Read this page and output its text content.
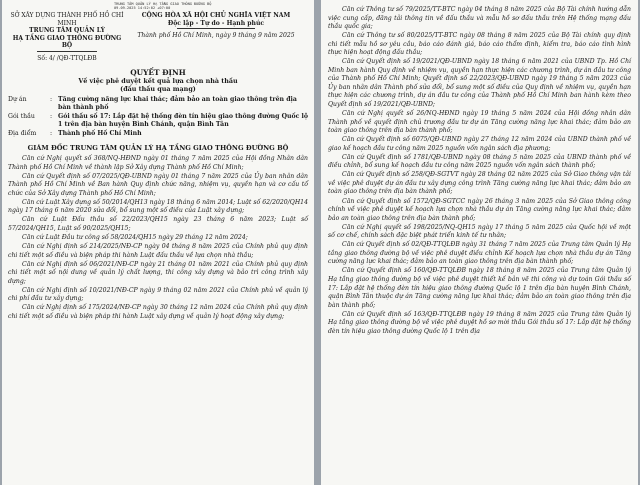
TRUNG TÂM QUẢN LÝ HẠ TẦNG GIAO THÔNG ĐƯỜNG BỘ
09.09.2025 14:52:02 +07:00
SỞ XÂY DỰNG THÀNH PHỐ HỒ CHÍ MINH
TRUNG TÂM QUẢN LÝ
HẠ TẦNG GIAO THÔNG ĐƯỜNG BỘ
Số: 4/ /QĐ-TTQLĐB
CỘNG HÒA XÃ HỘI CHỦ NGHĨA VIỆT NAM
Độc lập - Tự do - Hạnh phúc
Thành phố Hồ Chí Minh, ngày 9 tháng 9 năm 2025
QUYẾT ĐỊNH
Về việc phê duyệt kết quả lựa chọn nhà thầu
(đấu thầu qua mạng)
Dự án	: Tăng cường năng lực khai thác; đảm bảo an toàn giao thông trên địa bàn thành phố
Gói thầu	: Gói thầu số 17: Lắp đặt hệ thống đèn tín hiệu giao thông đường Quốc lộ 1 trên địa bàn huyện Bình Chánh, quận Bình Tân
Địa điểm	: Thành phố Hồ Chí Minh
GIÁM ĐỐC TRUNG TÂM QUẢN LÝ HẠ TẦNG GIAO THÔNG ĐƯỜNG BỘ

Căn cứ Nghị quyết số 368/NQ-HĐND ngày 01 tháng 7 năm 2025 của Hội đồng Nhân dân Thành phố Hồ Chí Minh về thành lập Sở Xây dựng Thành phố Hồ Chí Minh;

Căn cứ Quyết định số 07/2025/QĐ-UBND ngày 01 tháng 7 năm 2025 của Ủy ban nhân dân Thành phố Hồ Chí Minh về Ban hành Quy định chức năng, nhiệm vụ, quyền hạn và cơ cấu tổ chức của Sở Xây dựng Thành phố Hồ Chí Minh;

Căn cứ Luật Xây dựng số 50/2014/QH13 ngày 18 tháng 6 năm 2014; Luật số 62/2020/QH14 ngày 17 tháng 6 năm 2020 sửa đổi, bổ sung một số điều của Luật xây dựng;

Căn cứ Luật Đấu thầu số 22/2023/QH15 ngày 23 tháng 6 năm 2023; Luật số 57/2024/QH15, Luật số 90/2025/QH15;

Căn cứ Luật Đầu tư công số 58/2024/QH15 ngày 29 tháng 12 năm 2024;

Căn cứ Nghị định số 214/2025/NĐ-CP ngày 04 tháng 8 năm 2025 của Chính phủ quy định chi tiết một số điều và biện pháp thi hành Luật đấu thầu về lựa chọn nhà thầu;

Căn cứ Nghị định số 06/2021/NĐ-CP ngày 21 tháng 01 năm 2021 của Chính phủ quy định chi tiết một số nội dung về quản lý chất lượng, thi công xây dựng và bảo trì công trình xây dựng;

Căn cứ Nghị định số 10/2021/NĐ-CP ngày 9 tháng 02 năm 2021 của Chính phủ về quản lý chi phí đầu tư xây dựng;

Căn cứ Nghị định số 175/2024/NĐ-CP ngày 30 tháng 12 năm 2024 của Chính phủ quy định chi tiết một số điều và biện pháp thi hành Luật xây dựng về quản lý hoạt động xây dựng;

Căn cứ Thông tư số 79/2025/TT-BTC ngày 04 tháng 8 năm 2025 của Bộ Tài chính hướng dẫn việc cung cấp, đăng tải thông tin về đấu thầu và mẫu hồ sơ đấu thầu trên Hệ thống mạng đấu thầu quốc gia;

Căn cứ Thông tư số 80/2025/TT-BTC ngày 08 tháng 8 năm 2025 của Bộ Tài chính quy định chi tiết mẫu hồ sơ yêu cầu, báo cáo đánh giá, báo cáo thẩm định, kiểm tra, báo cáo tình hình thực hiện hoạt động đấu thầu;

Căn cứ Quyết định số 19/2021/QĐ-UBND ngày 18 tháng 6 năm 2021 của UBND Tp. Hồ Chí Minh ban hành Quy định về nhiệm vụ, quyền hạn thực hiện các chương trình, dự án đầu tư công của Thành phố Hồ Chí Minh; Quyết định số 22/2023/QĐ-UBND ngày 19 tháng 5 năm 2023 của Ủy ban nhân dân Thành phố sửa đổi, bổ sung một số điều của Quy định về nhiệm vụ, quyền hạn thực hiện các chương trình, dự án đầu tư công của Thành phố Hồ Chí Minh ban hành kèm theo Quyết định số 19/2021/QĐ-UBND;

Căn cứ Nghị quyết số 26/NQ-HĐND ngày 19 tháng 5 năm 2024 của Hội đồng nhân dân Thành phố về quyết định chủ trương đầu tư dự án Tăng cường năng lực khai thác; đảm bảo an toàn giao thông trên địa bàn thành phố;

Căn cứ Quyết định số 6075/QĐ-UBND ngày 27 tháng 12 năm 2024 của UBND thành phố về giao kế hoạch đầu tư công năm 2025 nguồn vốn ngân sách địa phương;

Căn cứ Quyết định số 1781/QĐ-UBND ngày 08 tháng 5 năm 2025 của UBND thành phố về điều chỉnh, bổ sung kế hoạch đầu tư công năm 2025 nguồn vốn ngân sách thành phố;

Căn cứ Quyết định số 258/QĐ-SGTVT ngày 28 tháng 02 năm 2025 của Sở Giao thông vận tải về việc phê duyệt dự án đầu tư xây dựng công trình Tăng cường năng lực khai thác; đảm bảo an toàn giao thông trên địa bàn thành phố;

Căn cứ Quyết định số 1572/QĐ-SGTCC ngày 26 tháng 3 năm 2025 của Sở Giao thông công chính về việc phê duyệt kế hoạch lựa chọn nhà thầu dự án Tăng cường năng lực khai thác; đảm bảo an toàn giao thông trên địa bàn thành phố;

Căn cứ Nghị quyết số 198/2025/NQ-QH15 ngày 17 tháng 5 năm 2025 của Quốc hội về một số cơ chế, chính sách đặc biệt phát triển kinh tế tư nhân;

Căn cứ Quyết định số 02/QĐ-TTQLĐB ngày 31 tháng 7 năm 2025 của Trung tâm Quản lý Hạ tầng giao thông đường bộ về việc phê duyệt điều chỉnh Kế hoạch lựa chọn nhà thầu dự án Tăng cường năng lực khai thác; đảm bảo an toàn giao thông trên địa bàn thành phố;

Căn cứ Quyết định số 160/QĐ-TTQLĐB ngày 18 tháng 8 năm 2025 của Trung tâm Quản lý Hạ tầng giao thông đường bộ về việc phê duyệt thiết kế bản vẽ thi công và dự toán Gói thầu số 17: Lắp đặt hệ thống đèn tín hiệu giao thông đường Quốc lộ 1 trên địa bàn huyện Bình Chánh, quận Bình Tân thuộc dự án Tăng cường năng lực khai thác; đảm bảo an toàn giao thông trên địa bàn thành phố;

Căn cứ Quyết định số 163/QĐ-TTQLĐB ngày 19 tháng 8 năm 2025 của Trung tâm Quản lý Hạ tầng giao thông đường bộ về việc phê duyệt hồ sơ mời thầu Gói thầu số 17: Lắp đặt hệ thống đèn tín hiệu giao thông đường Quốc lộ 1 trên địa
